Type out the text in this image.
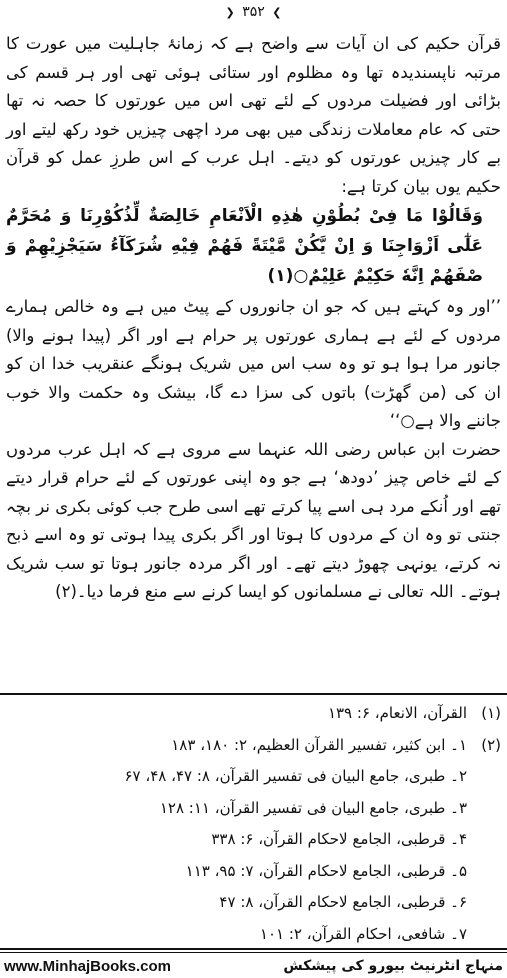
❯ ۳۵۲ ❮

قرآن حکیم کی ان آیات سے واضح ہے کہ زمانۂ جاہلیت میں عورت کا مرتبہ ناپسندیدہ تھا وہ مظلوم اور ستائی ہوئی تھی اور ہر قسم کی بڑائی اور فضیلت مردوں کے لئے تھی اس میں عورتوں کا حصہ نہ تھا حتی کہ عام معاملات زندگی میں بھی مرد اچھی چیزیں خود رکھ لیتے اور بے کار چیزیں عورتوں کو دیتے۔ اہل عرب کے اس طرزِ عمل کو قرآن حکیم یوں بیان کرتا ہے:

وَقَالُوْا مَا فِیْ بُطُوْنِ هٰذِهِ الْاَنْعَامِ خَالِصَةٌ لِّذُكُوْرِنَا وَ مُحَرَّمٌ عَلٰٓى اَزْوَاجِنَا وَ اِنْ يَّكُنْ مَّيْتَةً فَهُمْ فِيْهِ شُرَكَآءُ سَيَجْزِيْهِمْ وَ صْفَهُمْ اِنَّهٗ حَكِيْمٌ عَلِيْمٌ○(۱)

’’اور وہ کہتے ہیں کہ جو ان جانوروں کے پیٹ میں ہے وہ خالص ہمارے مردوں کے لئے ہے ہماری عورتوں پر حرام ہے اور اگر (پیدا ہونے والا) جانور مرا ہوا ہو تو وہ سب اس میں شریک ہونگے عنقریب خدا ان کو ان کی (من گھڑت) باتوں کی سزا دے گا، بیشک وہ حکمت والا خوب جاننے والا ہے○‘‘

حضرت ابن عباس رضی اللہ عنہما سے مروی ہے کہ اہل عرب مردوں کے لئے خاص چیز ’دودھ‘ ہے جو وہ اپنی عورتوں کے لئے حرام قرار دیتے تھے اور اُنکے مرد ہی اسے پیا کرتے تھے اسی طرح جب کوئی بکری نر بچہ جنتی تو وہ ان کے مردوں کا ہوتا اور اگر بکری پیدا ہوتی تو وہ اسے ذبح نہ کرتے، یونہی چھوڑ دیتے تھے۔ اور اگر مردہ جانور ہوتا تو سب شریک ہوتے۔ اللہ تعالی نے مسلمانوں کو ایسا کرنے سے منع فرما دیا۔(۲)

(۱)
القرآن، الانعام، ۶: ۱۳۹
(۲)
۱۔ ابن کثیر، تفسیر القرآن العظیم، ۲: ۱۸۰، ۱۸۳
۲۔ طبری، جامع البیان فی تفسیر القرآن، ۸: ۴۷، ۴۸، ۶۷
۳۔ طبری، جامع البیان فی تفسیر القرآن، ۱۱: ۱۲۸
۴۔ قرطبی، الجامع لاحکام القرآن، ۶: ۳۳۸
۵۔ قرطبی، الجامع لاحکام القرآن، ۷: ۹۵، ۱۱۳
۶۔ قرطبی، الجامع لاحکام القرآن، ۸: ۴۷
۷۔ شافعی، احکام القرآن، ۲: ۱۰۱
www.MinhajBooks.com	منہاج انٹرنیٹ بیورو کی پیشکش
